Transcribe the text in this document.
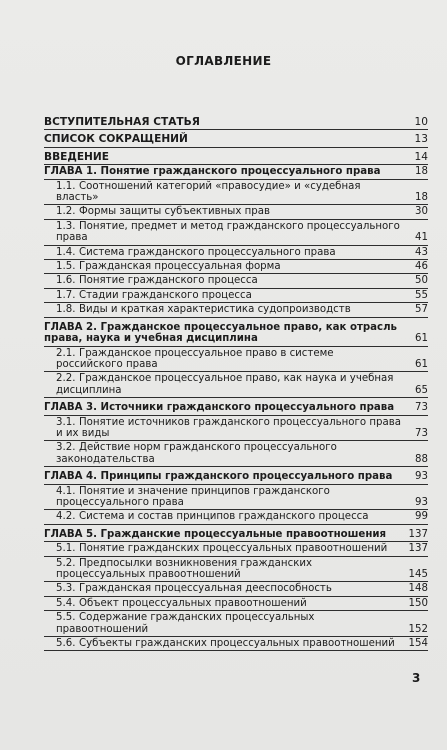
ОГЛАВЛЕНИЕ
ВСТУПИТЕЛЬНАЯ СТАТЬЯ	10
СПИСОК СОКРАЩЕНИЙ	13
ВВЕДЕНИЕ	14
ГЛАВА 1. Понятие гражданского процессуального права	18
1.1. Соотношений категорий «правосудие» и «судебная власть»	18
1.2. Формы защиты субъективных прав	30
1.3. Понятие, предмет и метод гражданского процессуального права	41
1.4. Система гражданского процессуального права	43
1.5. Гражданская процессуальная форма	46
1.6. Понятие гражданского процесса	50
1.7. Стадии гражданского процесса	55
1.8. Виды и краткая характеристика судопроизводств	57
ГЛАВА 2. Гражданское процессуальное право, как отрасль права, наука и учебная дисциплина	61
2.1. Гражданское процессуальное право в системе российского права	61
2.2. Гражданское процессуальное право, как наука и учебная дисциплина	65
ГЛАВА 3. Источники гражданского процессуального права	73
3.1. Понятие источников гражданского процессуального права и их виды	73
3.2. Действие норм гражданского процессуального законодательства	88
ГЛАВА 4. Принципы гражданского процессуального права	93
4.1. Понятие и значение принципов гражданского процессуального права	93
4.2. Система и состав принципов гражданского процесса	99
ГЛАВА 5. Гражданские процессуальные правоотношения	137
5.1. Понятие гражданских процессуальных правоотношений	137
5.2. Предпосылки возникновения гражданских процессуальных правоотношений	145
5.3. Гражданская процессуальная дееспособность	148
5.4. Объект процессуальных правоотношений	150
5.5. Содержание гражданских процессуальных правоотношений	152
5.6. Субъекты гражданских процессуальных правоотношений	154
3
